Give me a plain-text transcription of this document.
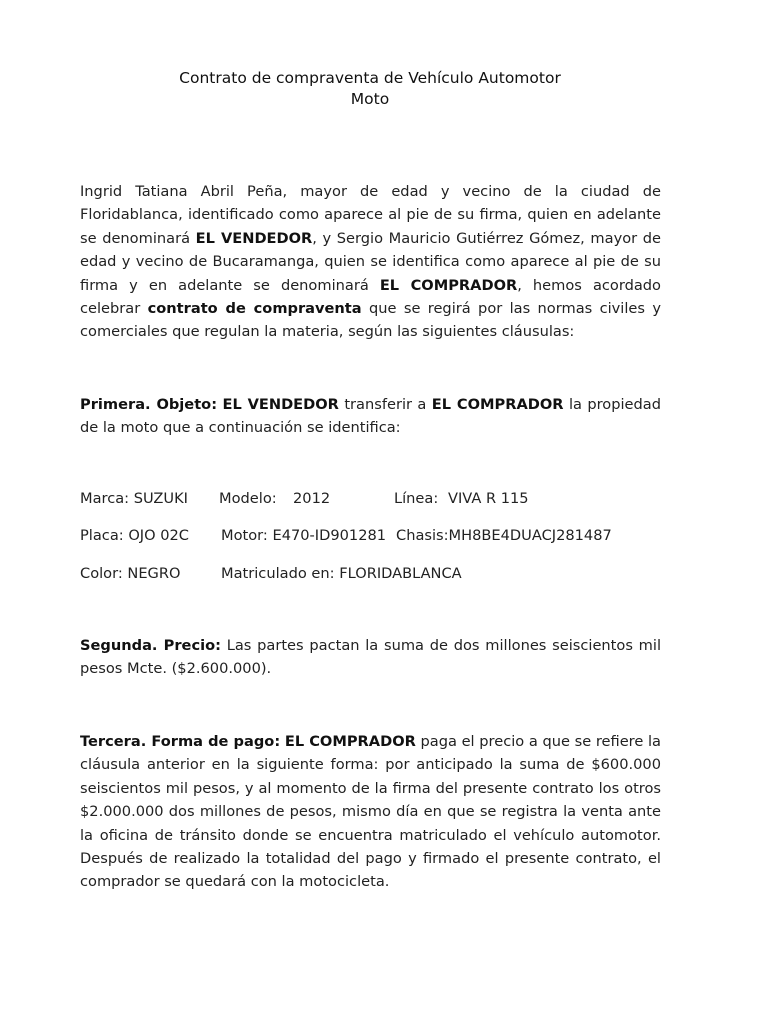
Contrato de compraventa de Vehículo Automotor
Moto
Ingrid Tatiana Abril Peña, mayor de edad y vecino de la ciudad de Floridablanca, identificado como aparece al pie de su firma, quien en adelante se denominará EL VENDEDOR, y Sergio Mauricio Gutiérrez Gómez, mayor de edad y vecino de Bucaramanga, quien se identifica como aparece al pie de su firma y en adelante se denominará EL COMPRADOR, hemos acordado celebrar contrato de compraventa que se regirá por las normas civiles y comerciales que regulan la materia, según las siguientes cláusulas:
Primera. Objeto: EL VENDEDOR transferir a EL COMPRADOR la propiedad de la moto que a continuación se identifica:
Marca: SUZUKI Modelo: 2012	Línea: VIVA R 115
Placa: OJO 02C Motor: E470-ID901281 Chasis:MH8BE4DUACJ281487
Color: NEGRO	Matriculado en: FLORIDABLANCA
Segunda. Precio: Las partes pactan la suma de dos millones seiscientos mil pesos Mcte. ($2.600.000).
Tercera. Forma de pago: EL COMPRADOR paga el precio a que se refiere la cláusula anterior en la siguiente forma: por anticipado la suma de $600.000 seiscientos mil pesos, y al momento de la firma del presente contrato los otros $2.000.000 dos millones de pesos, mismo día en que se registra la venta ante la oficina de tránsito donde se encuentra matriculado el vehículo automotor. Después de realizado la totalidad del pago y firmado el presente contrato, el comprador se quedará con la motocicleta.
